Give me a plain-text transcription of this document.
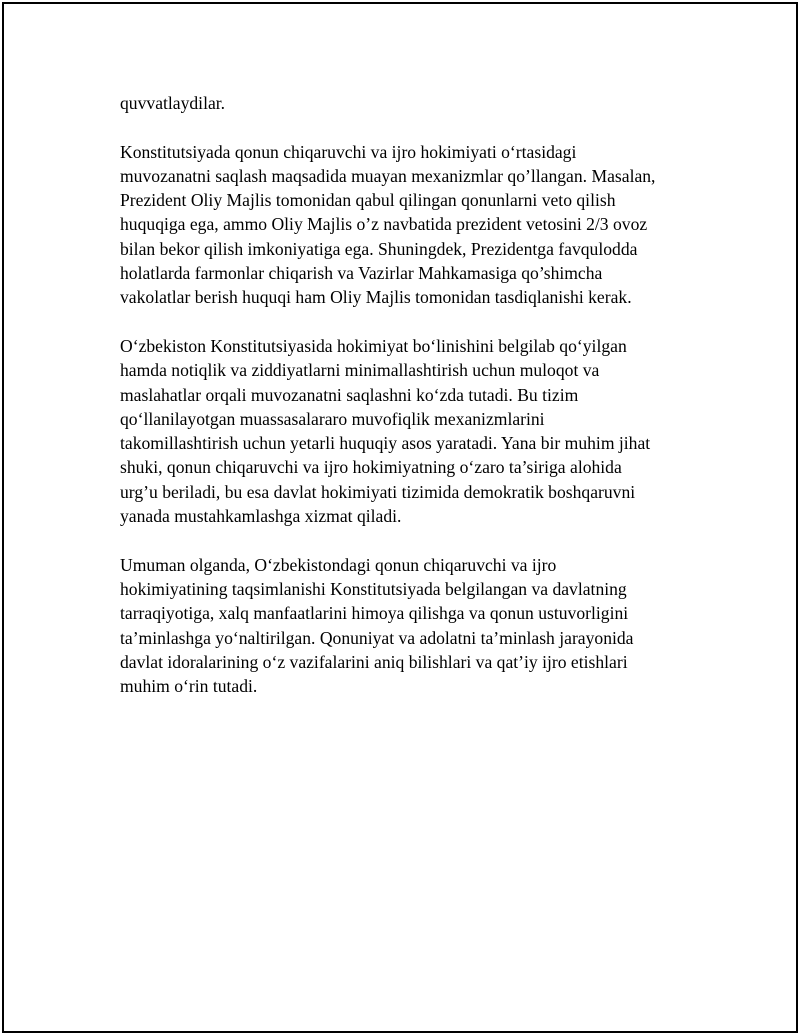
quvvatlaydilar.

Konstitutsiyada qonun chiqaruvchi va ijro hokimiyati o‘rtasidagi
muvozanatni saqlash maqsadida muayan mexanizmlar qo’llangan. Masalan,
Prezident Oliy Majlis tomonidan qabul qilingan qonunlarni veto qilish
huquqiga ega, ammo Oliy Majlis o’z navbatida prezident vetosini 2/3 ovoz
bilan bekor qilish imkoniyatiga ega. Shuningdek, Prezidentga favqulodda
holatlarda farmonlar chiqarish va Vazirlar Mahkamasiga qo’shimcha
vakolatlar berish huquqi ham Oliy Majlis tomonidan tasdiqlanishi kerak.

O‘zbekiston Konstitutsiyasida hokimiyat bo‘linishini belgilab qo‘yilgan
hamda notiqlik va ziddiyatlarni minimallashtirish uchun muloqot va
maslahatlar orqali muvozanatni saqlashni ko‘zda tutadi. Bu tizim
qo‘llanilayotgan muassasalararo muvofiqlik mexanizmlarini
takomillashtirish uchun yetarli huquqiy asos yaratadi. Yana bir muhim jihat
shuki, qonun chiqaruvchi va ijro hokimiyatning o‘zaro ta’siriga alohida
urg’u beriladi, bu esa davlat hokimiyati tizimida demokratik boshqaruvni
yanada mustahkamlashga xizmat qiladi.

Umuman olganda, O‘zbekistondagi qonun chiqaruvchi va ijro
hokimiyatining taqsimlanishi Konstitutsiyada belgilangan va davlatning
tarraqiyotiga, xalq manfaatlarini himoya qilishga va qonun ustuvorligini
ta’minlashga yo‘naltirilgan. Qonuniyat va adolatni ta’minlash jarayonida
davlat idoralarining o‘z vazifalarini aniq bilishlari va qat’iy ijro etishlari
muhim o‘rin tutadi.
